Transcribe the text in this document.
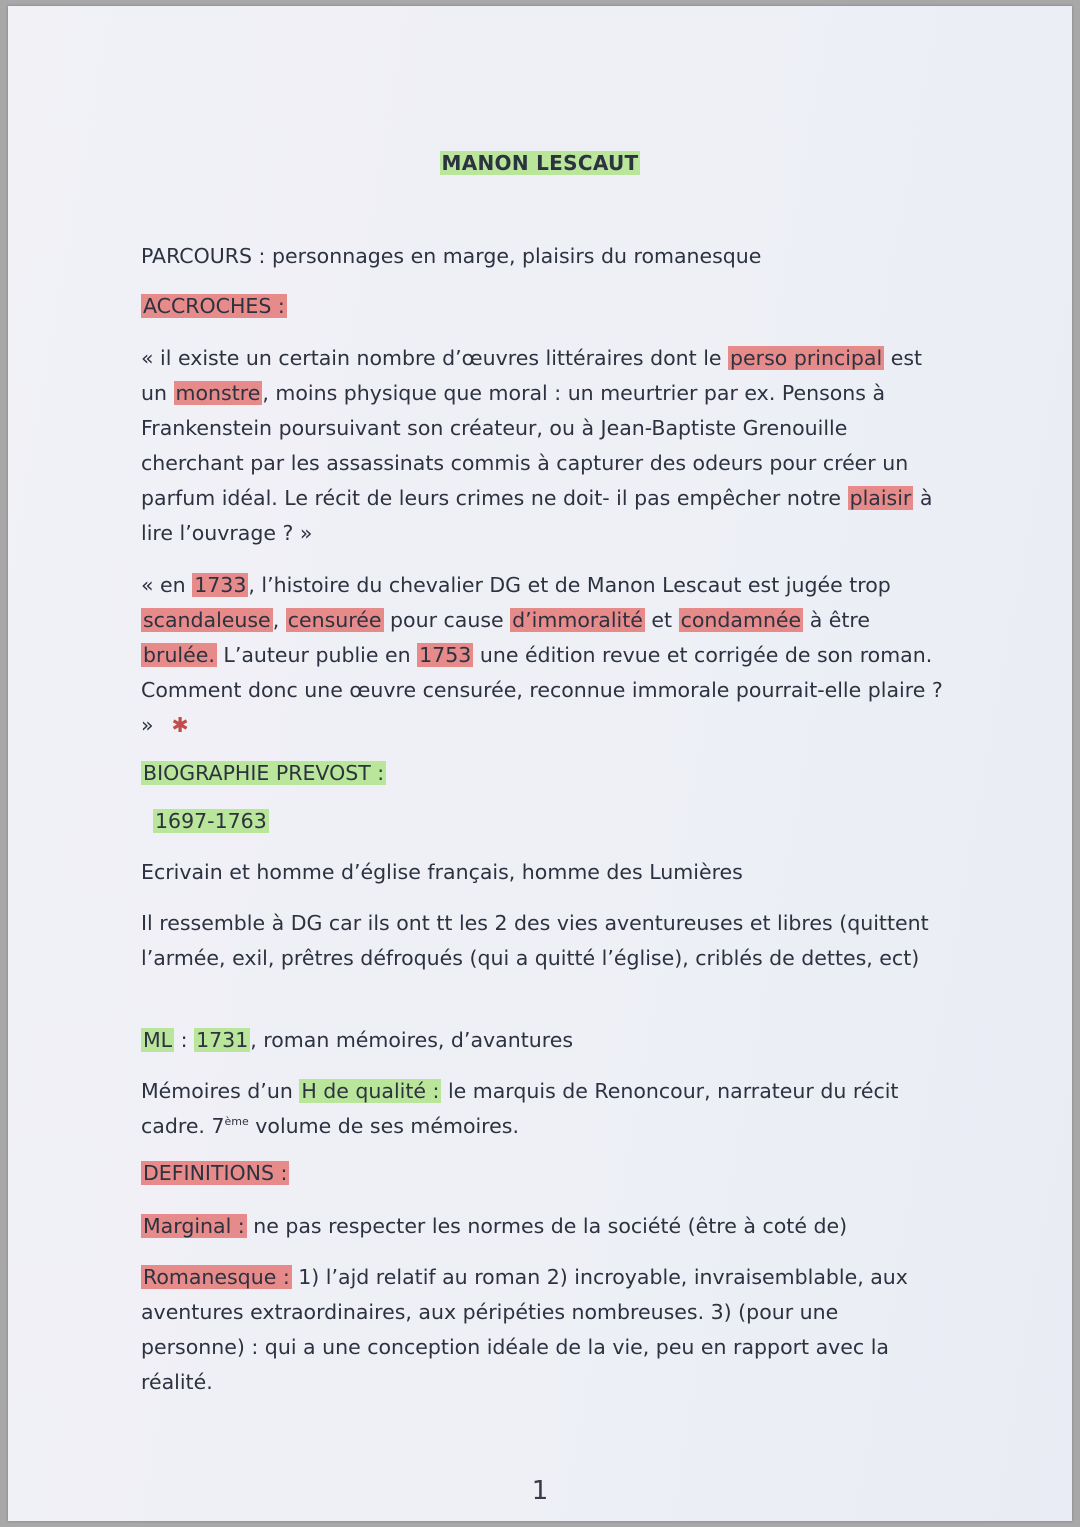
MANON LESCAUT

PARCOURS : personnages en marge, plaisirs du romanesque

ACCROCHES :

« il existe un certain nombre d’œuvres littéraires dont le perso principal est un monstre, moins physique que moral : un meurtrier par ex. Pensons à Frankenstein poursuivant son créateur, ou à Jean-Baptiste Grenouille cherchant par les assassinats commis à capturer des odeurs pour créer un parfum idéal. Le récit de leurs crimes ne doit- il pas empêcher notre plaisir à lire l’ouvrage ? »

« en 1733, l’histoire du chevalier DG et de Manon Lescaut est jugée trop scandaleuse, censurée pour cause d’immoralité et condamnée à être brulée. L’auteur publie en 1753 une édition revue et corrigée de son roman. Comment donc une œuvre censurée, reconnue immorale pourrait-elle plaire ? » ✱

BIOGRAPHIE PREVOST :

1697-1763

Ecrivain et homme d’église français, homme des Lumières

Il ressemble à DG car ils ont tt les 2 des vies aventureuses et libres (quittent l’armée, exil, prêtres défroqués (qui a quitté l’église), criblés de dettes, ect)

ML : 1731, roman mémoires, d’avantures

Mémoires d’un H de qualité : le marquis de Renoncour, narrateur du récit cadre. 7ème volume de ses mémoires.

DEFINITIONS :

Marginal : ne pas respecter les normes de la société (être à coté de)

Romanesque : 1) l’ajd relatif au roman 2) incroyable, invraisemblable, aux aventures extraordinaires, aux péripéties nombreuses. 3) (pour une personne) : qui a une conception idéale de la vie, peu en rapport avec la réalité.

1
